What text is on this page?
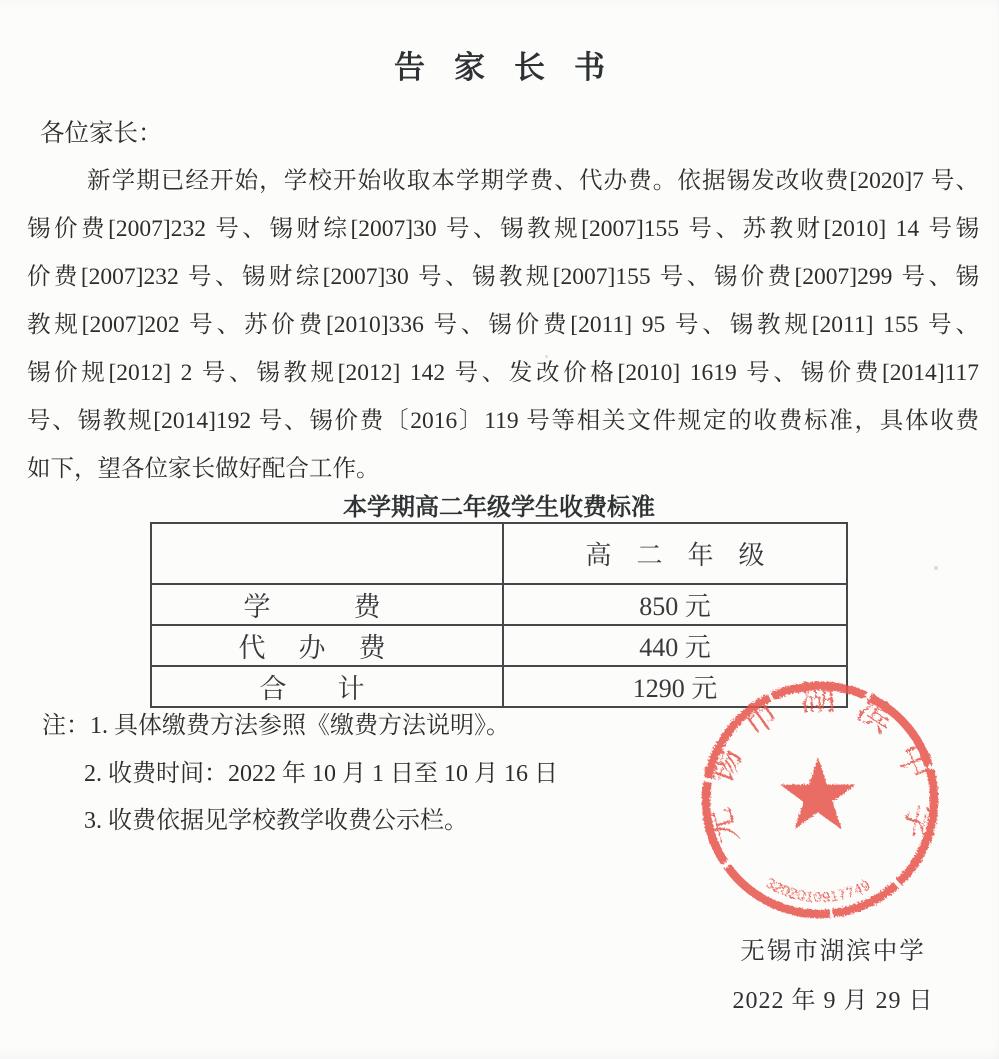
告家长书
各位家长：
新学期已经开始，学校开始收取本学期学费、代办费。依据锡发改收费[2020]7 号、
锡价费[2007]232 号、锡财综[2007]30 号、锡教规[2007]155 号、苏教财[2010] 14 号锡
价费[2007]232 号、锡财综[2007]30 号、锡教规[2007]155 号、锡价费[2007]299 号、锡
教规[2007]202 号、苏价费[2010]336 号、锡价费[2011] 95 号、锡教规[2011] 155 号、
锡价规[2012] 2 号、锡教规[2012] 142 号、发改价格[2010] 1619 号、锡价费[2014]117
号、锡教规[2014]192 号、锡价费〔2016〕119 号等相关文件规定的收费标准，具体收费
如下，望各位家长做好配合工作。
本学期高二年级学生收费标准
	高二年级
学费	850 元
代办费	440 元
合计	1290 元
注：1. 具体缴费方法参照《缴费方法说明》。
2. 收费时间：2022 年 10 月 1 日至 10 月 16 日
3. 收费依据见学校教学收费公示栏。	无锡市湖滨中学
3202010917749
无锡市湖滨中学
2022 年 9 月 29 日
